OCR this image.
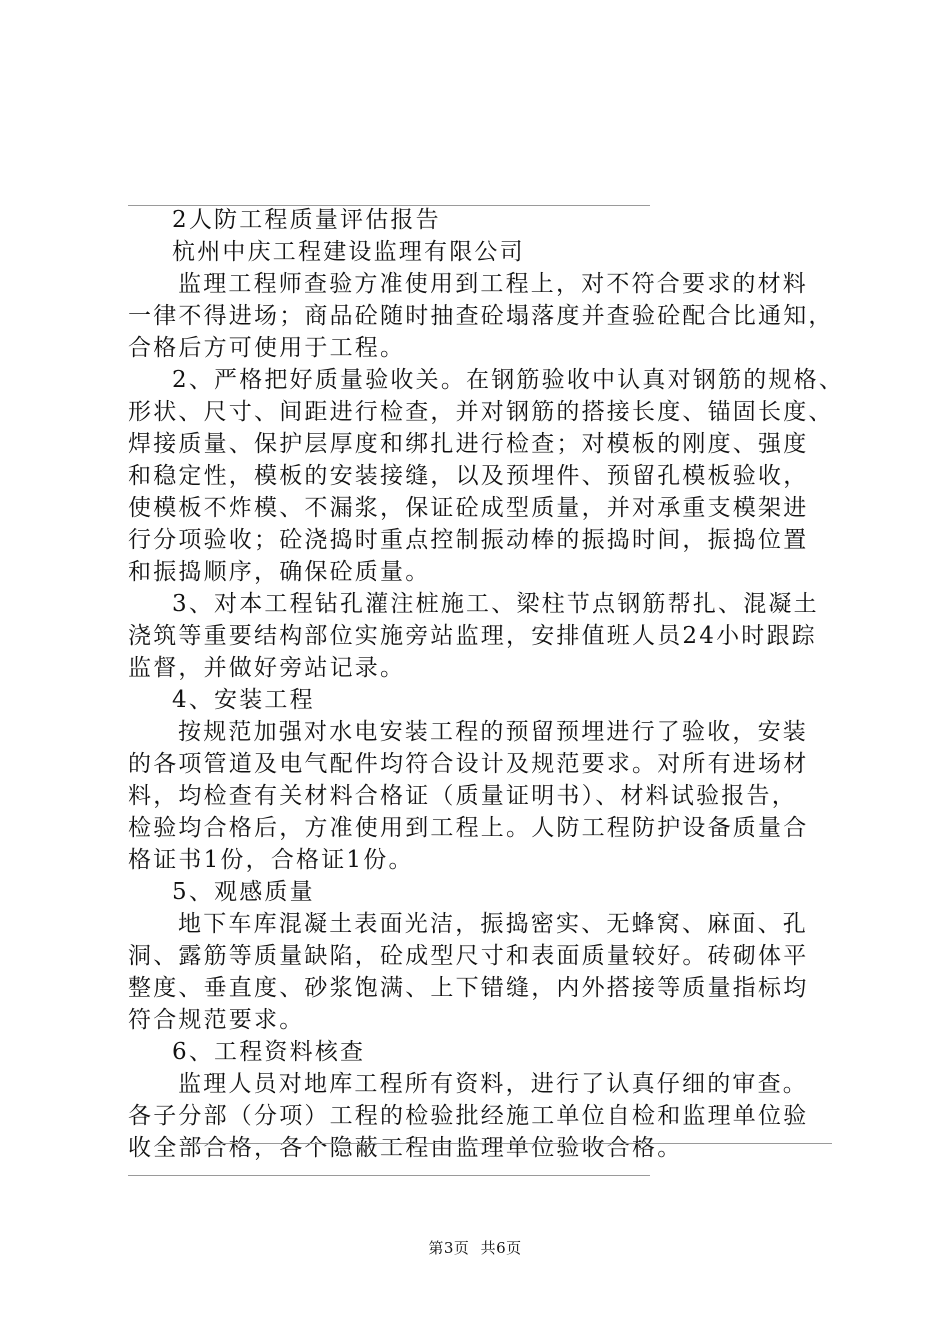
2人防工程质量评估报告
杭州中庆工程建设监理有限公司
监理工程师查验方准使用到工程上，对不符合要求的材料
一律不得进场；商品砼随时抽查砼塌落度并查验砼配合比通知，
合格后方可使用于工程。
2、严格把好质量验收关。在钢筋验收中认真对钢筋的规格、
形状、尺寸、间距进行检查，并对钢筋的搭接长度、锚固长度、
焊接质量、保护层厚度和绑扎进行检查；对模板的刚度、强度
和稳定性，模板的安装接缝，以及预埋件、预留孔模板验收，
使模板不炸模、不漏浆，保证砼成型质量，并对承重支模架进
行分项验收；砼浇捣时重点控制振动棒的振捣时间，振捣位置
和振捣顺序，确保砼质量。
3、对本工程钻孔灌注桩施工、梁柱节点钢筋帮扎、混凝土
浇筑等重要结构部位实施旁站监理，安排值班人员24小时跟踪
监督，并做好旁站记录。
4、安装工程
按规范加强对水电安装工程的预留预埋进行了验收，安装
的各项管道及电气配件均符合设计及规范要求。对所有进场材
料，均检查有关材料合格证（质量证明书）、材料试验报告，
检验均合格后，方准使用到工程上。人防工程防护设备质量合
格证书1份，合格证1份。
5、观感质量
地下车库混凝土表面光洁，振捣密实、无蜂窝、麻面、孔
洞、露筋等质量缺陷，砼成型尺寸和表面质量较好。砖砌体平
整度、垂直度、砂浆饱满、上下错缝，内外搭接等质量指标均
符合规范要求。
6、工程资料核查
监理人员对地库工程所有资料，进行了认真仔细的审查。
各子分部（分项）工程的检验批经施工单位自检和监理单位验
收全部合格，各个隐蔽工程由监理单位验收合格。
第3页 共6页
